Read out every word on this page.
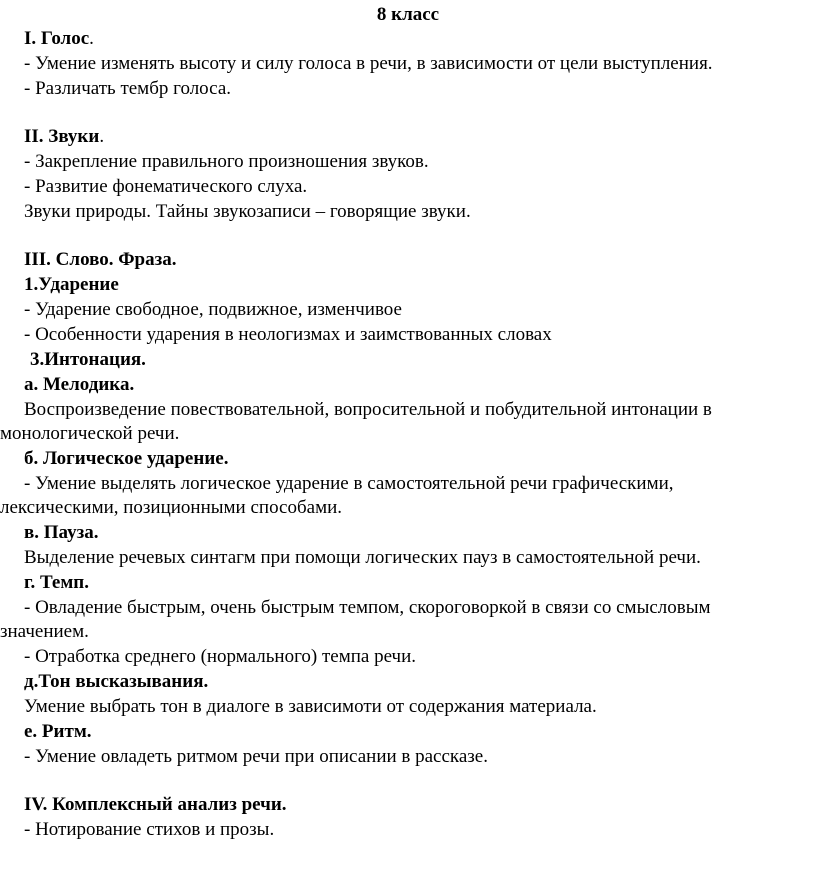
8 класс
I. Голос.
- Умение изменять высоту и силу голоса в речи, в зависимости от цели выступления.
- Различать тембр голоса.
II. Звуки.
- Закрепление правильного произношения звуков.
- Развитие фонематического слуха.
Звуки природы. Тайны звукозаписи – говорящие звуки.
III. Слово. Фраза.
1.Ударение
- Ударение свободное, подвижное, изменчивое
- Особенности ударения в неологизмах и заимствованных словах
3.Интонация.
а. Мелодика.
Воспроизведение повествовательной, вопросительной и побудительной интонации в
монологической речи.
б. Логическое ударение.
- Умение выделять логическое ударение в самостоятельной речи графическими,
лексическими, позиционными способами.
в. Пауза.
Выделение речевых синтагм при помощи логических пауз в самостоятельной речи.
г. Темп.
- Овладение быстрым, очень быстрым темпом, скороговоркой в связи со смысловым
значением.
- Отработка среднего (нормального) темпа речи.
д.Тон высказывания.
Умение выбрать тон в диалоге в зависимоти от содержания материала.
е. Ритм.
- Умение овладеть ритмом речи при описании в рассказе.
IV. Комплексный анализ речи.
- Нотирование стихов и прозы.
